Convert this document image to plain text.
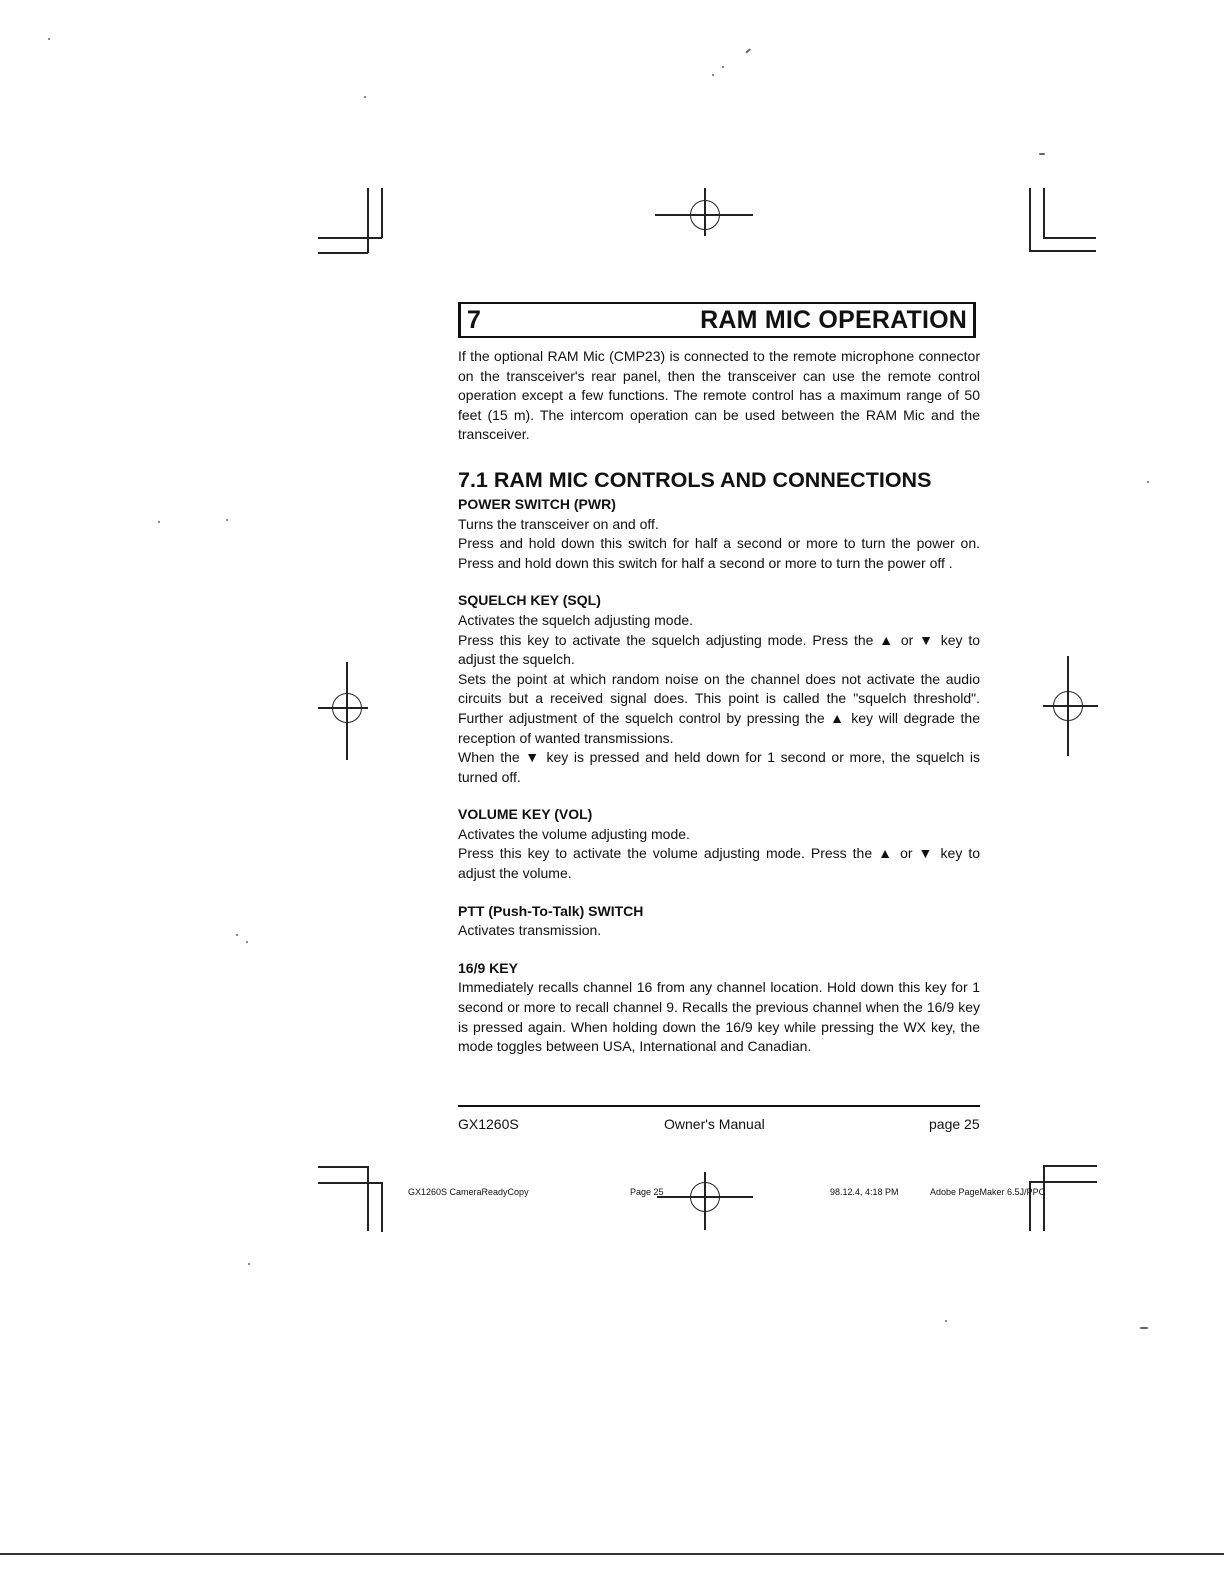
7	RAM MIC OPERATION

If the optional RAM Mic (CMP23) is connected to the remote microphone connector on the transceiver's rear panel, then the transceiver can use the remote control operation except a few functions. The remote control has a maximum range of 50 feet (15 m). The intercom operation can be used between the RAM Mic and the transceiver.

7.1 RAM MIC CONTROLS AND CONNECTIONS

POWER SWITCH (PWR)

Turns the transceiver on and off.

Press and hold down this switch for half a second or more to turn the power on. Press and hold down this switch for half a second or more to turn the power off .

SQUELCH KEY (SQL)

Activates the squelch adjusting mode.

Press this key to activate the squelch adjusting mode. Press the ▲ or ▼ key to adjust the squelch.

Sets the point at which random noise on the channel does not activate the audio circuits but a received signal does. This point is called the "squelch threshold". Further adjustment of the squelch control by pressing the ▲ key will degrade the reception of wanted transmissions.

When the ▼ key is pressed and held down for 1 second or more, the squelch is turned off.

VOLUME KEY (VOL)

Activates the volume adjusting mode.

Press this key to activate the volume adjusting mode. Press the ▲ or ▼ key to adjust the volume.

PTT (Push-To-Talk) SWITCH

Activates transmission.

16/9 KEY

Immediately recalls channel 16 from any channel location. Hold down this key for 1 second or more to recall channel 9. Recalls the previous channel when the 16/9 key is pressed again. When holding down the 16/9 key while pressing the WX key, the mode toggles between USA, International and Canadian.

GX1260S	Owner's Manual	page 25
GX1260S CameraReadyCopy	Page 25	98.12.4, 4:18 PM	Adobe PageMaker 6.5J/PPC
